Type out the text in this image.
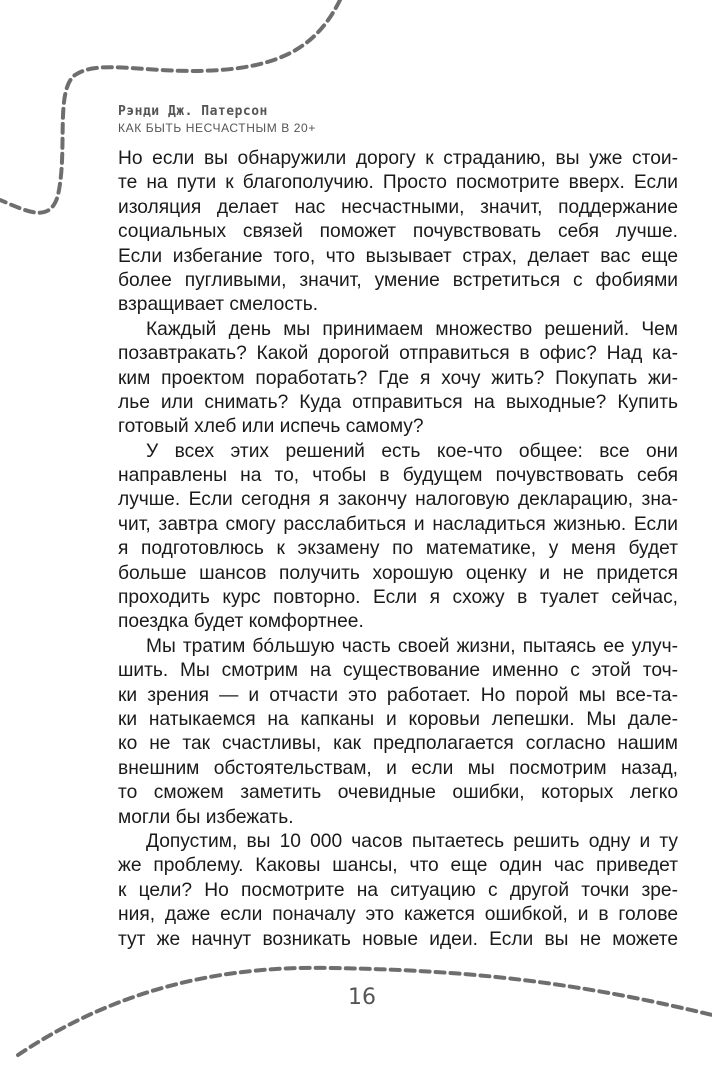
Рэнди Дж. Патерсон
КАК БЫТЬ НЕСЧАСТНЫМ В 20+
Но если вы обнаружили дорогу к страданию, вы уже стои-
те на пути к благополучию. Просто посмотрите вверх. Если
изоляция делает нас несчастными, значит, поддержание
социальных связей поможет почувствовать себя лучше.
Если избегание того, что вызывает страх, делает вас еще
более пугливыми, значит, умение встретиться с фобиями
взращивает смелость.
Каждый день мы принимаем множество решений. Чем
позавтракать? Какой дорогой отправиться в офис? Над ка-
ким проектом поработать? Где я хочу жить? Покупать жи-
лье или снимать? Куда отправиться на выходные? Купить
готовый хлеб или испечь самому?
У всех этих решений есть кое-что общее: все они
направлены на то, чтобы в будущем почувствовать себя
лучше. Если сегодня я закончу налоговую декларацию, зна-
чит, завтра смогу расслабиться и насладиться жизнью. Если
я подготовлюсь к экзамену по математике, у меня будет
больше шансов получить хорошую оценку и не придется
проходить курс повторно. Если я схожу в туалет сейчас,
поездка будет комфортнее.
Мы тратим бóльшую часть своей жизни, пытаясь ее улуч-
шить. Мы смотрим на существование именно с этой точ-
ки зрения — и отчасти это работает. Но порой мы все-та-
ки натыкаемся на капканы и коровьи лепешки. Мы дале-
ко не так счастливы, как предполагается согласно нашим
внешним обстоятельствам, и если мы посмотрим назад,
то сможем заметить очевидные ошибки, которых легко
могли бы избежать.
Допустим, вы 10 000 часов пытаетесь решить одну и ту
же проблему. Каковы шансы, что еще один час приведет
к цели? Но посмотрите на ситуацию с другой точки зре-
ния, даже если поначалу это кажется ошибкой, и в голове
тут же начнут возникать новые идеи. Если вы не можете
16
